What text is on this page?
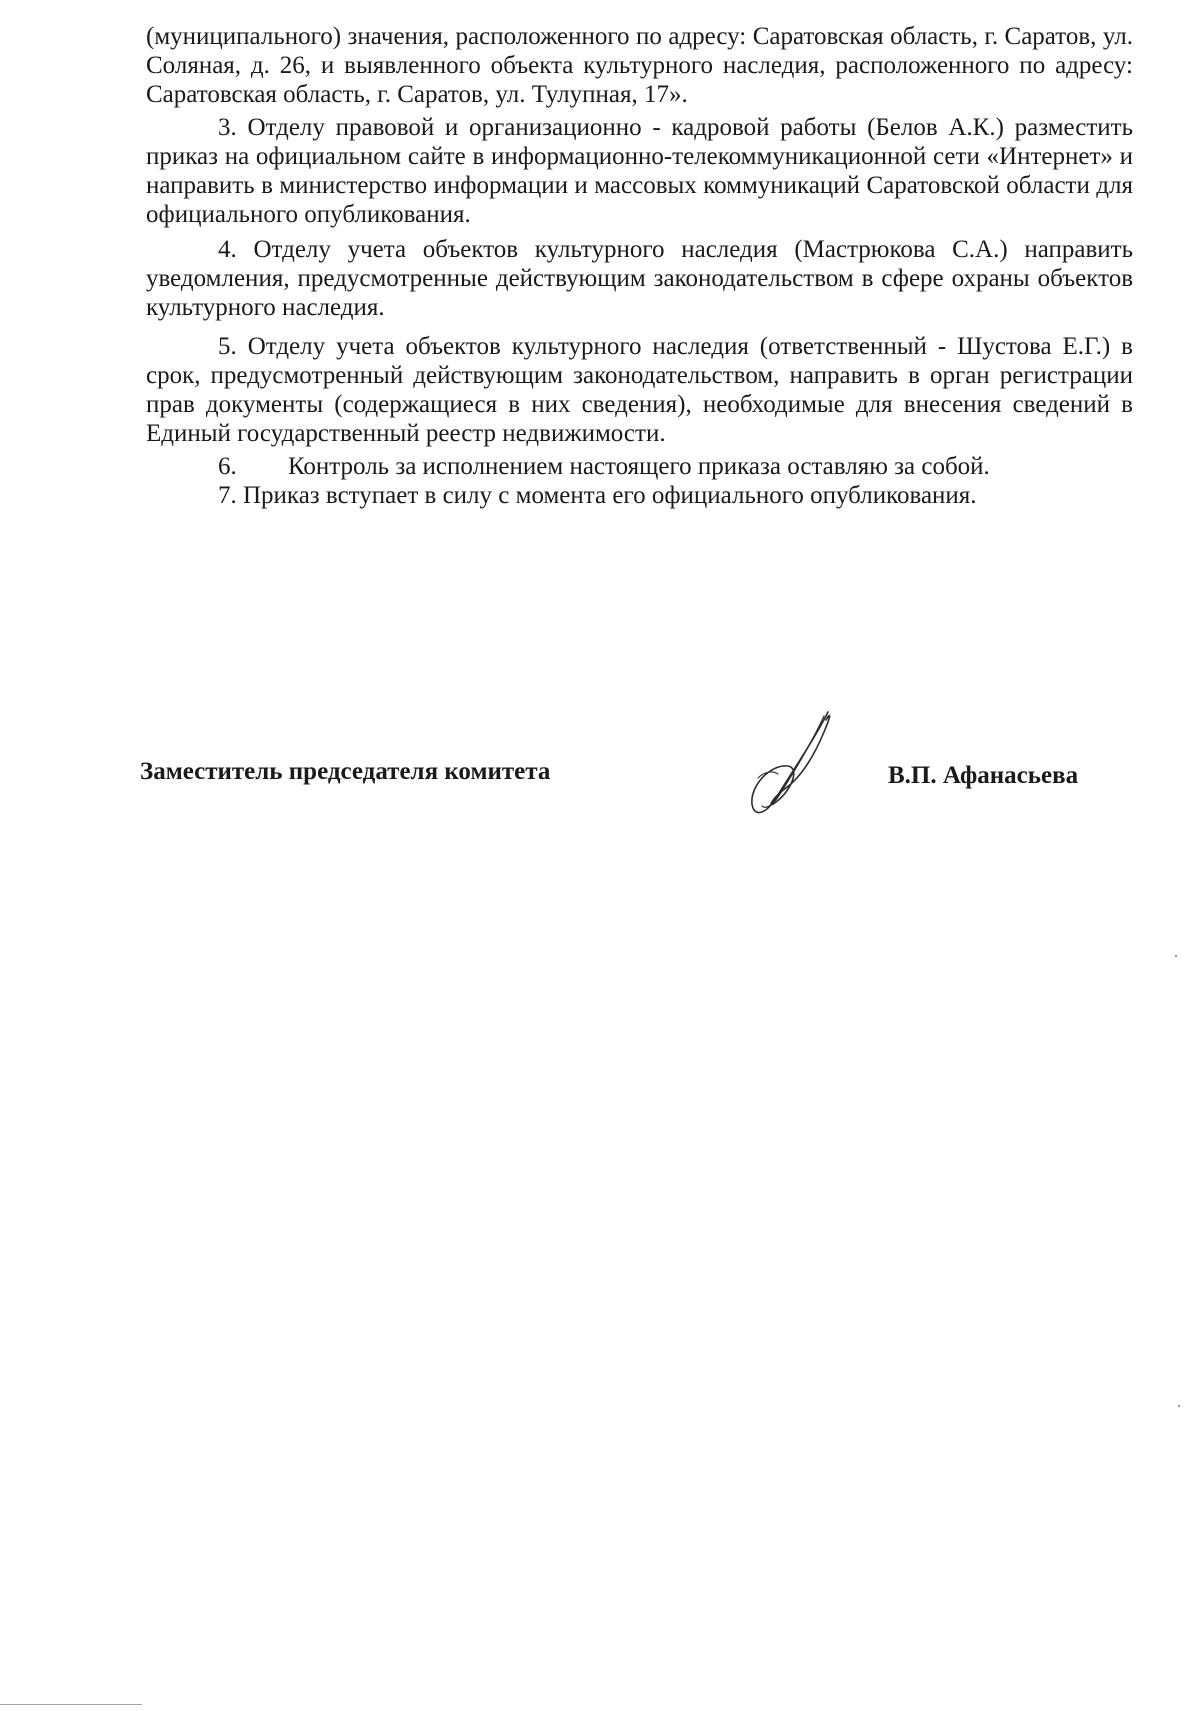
(муниципального) значения, расположенного по адресу: Саратовская область, г. Саратов, ул. Соляная, д. 26, и выявленного объекта культурного наследия, расположенного по адресу: Саратовская область, г. Саратов, ул. Тулупная, 17».

3. Отделу правовой и организационно - кадровой работы (Белов А.К.) разместить приказ на официальном сайте в информационно-телекоммуникационной сети «Интернет» и направить в министерство информации и массовых коммуникаций Саратовской области для официального опубликования.

4. Отделу учета объектов культурного наследия (Мастрюкова С.А.) направить уведомления, предусмотренные действующим законодательством в сфере охраны объектов культурного наследия.

5. Отделу учета объектов культурного наследия (ответственный - Шустова Е.Г.) в срок, предусмотренный действующим законодательством, направить в орган регистрации прав документы (содержащиеся в них сведения), необходимые для внесения сведений в Единый государственный реестр недвижимости.

6. Контроль за исполнением настоящего приказа оставляю за собой.

7. Приказ вступает в силу с момента его официального опубликования.

Заместитель председателя комитета	В.П. Афанасьева
